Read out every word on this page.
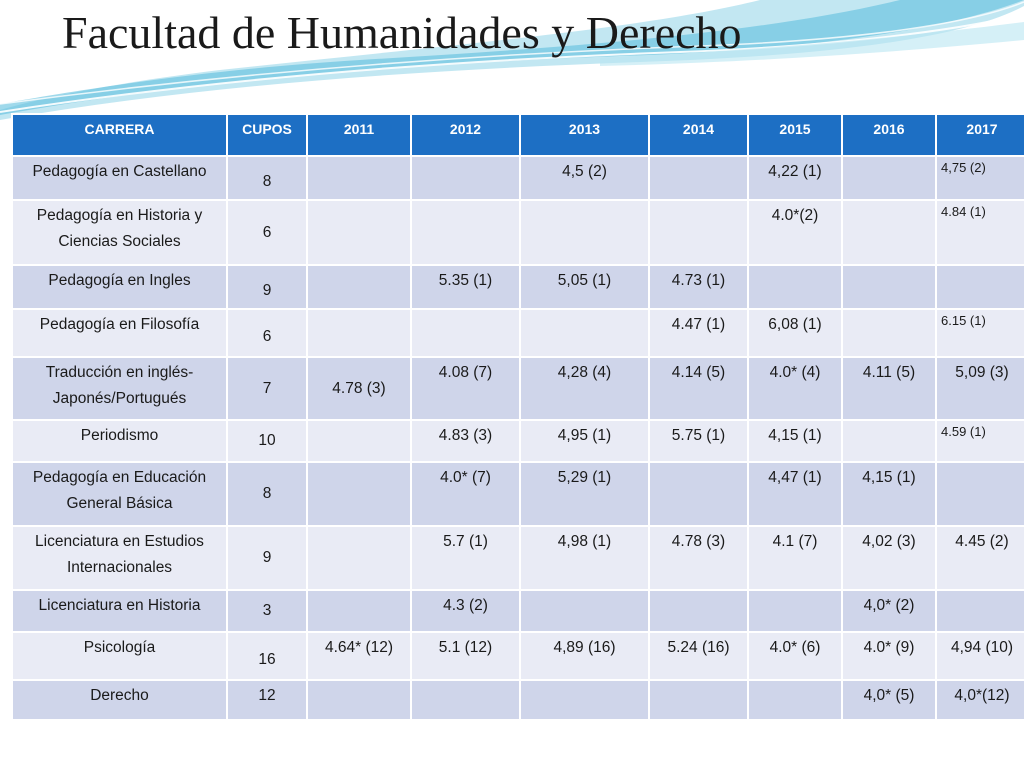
Facultad de Humanidades y Derecho
CARRERA	CUPOS	2011	2012	2013	2014	2015	2016	2017
Pedagogía en Castellano	8			4,5 (2)		4,22 (1)		4,75 (2)
Pedagogía en Historia y Ciencias Sociales	6					4.0*(2)		4.84 (1)
Pedagogía en Ingles	9		5.35 (1)	5,05 (1)	4.73 (1)			
Pedagogía en Filosofía	6				4.47 (1)	6,08 (1)		6.15 (1)
Traducción en inglés-Japonés/Portugués	7	4.78 (3)	4.08 (7)	4,28 (4)	4.14 (5)	4.0* (4)	4.11 (5)	5,09 (3)
Periodismo	10		4.83 (3)	4,95 (1)	5.75 (1)	4,15 (1)		4.59 (1)
Pedagogía en Educación General Básica	8		4.0* (7)	5,29 (1)		4,47 (1)	4,15 (1)	
Licenciatura en Estudios Internacionales	9		5.7 (1)	4,98 (1)	4.78 (3)	4.1 (7)	4,02 (3)	4.45 (2)
Licenciatura en Historia	3		4.3 (2)				4,0* (2)	
Psicología	16	4.64* (12)	5.1 (12)	4,89 (16)	5.24 (16)	4.0* (6)	4.0* (9)	4,94 (10)
Derecho	12						4,0* (5)	4,0*(12)
